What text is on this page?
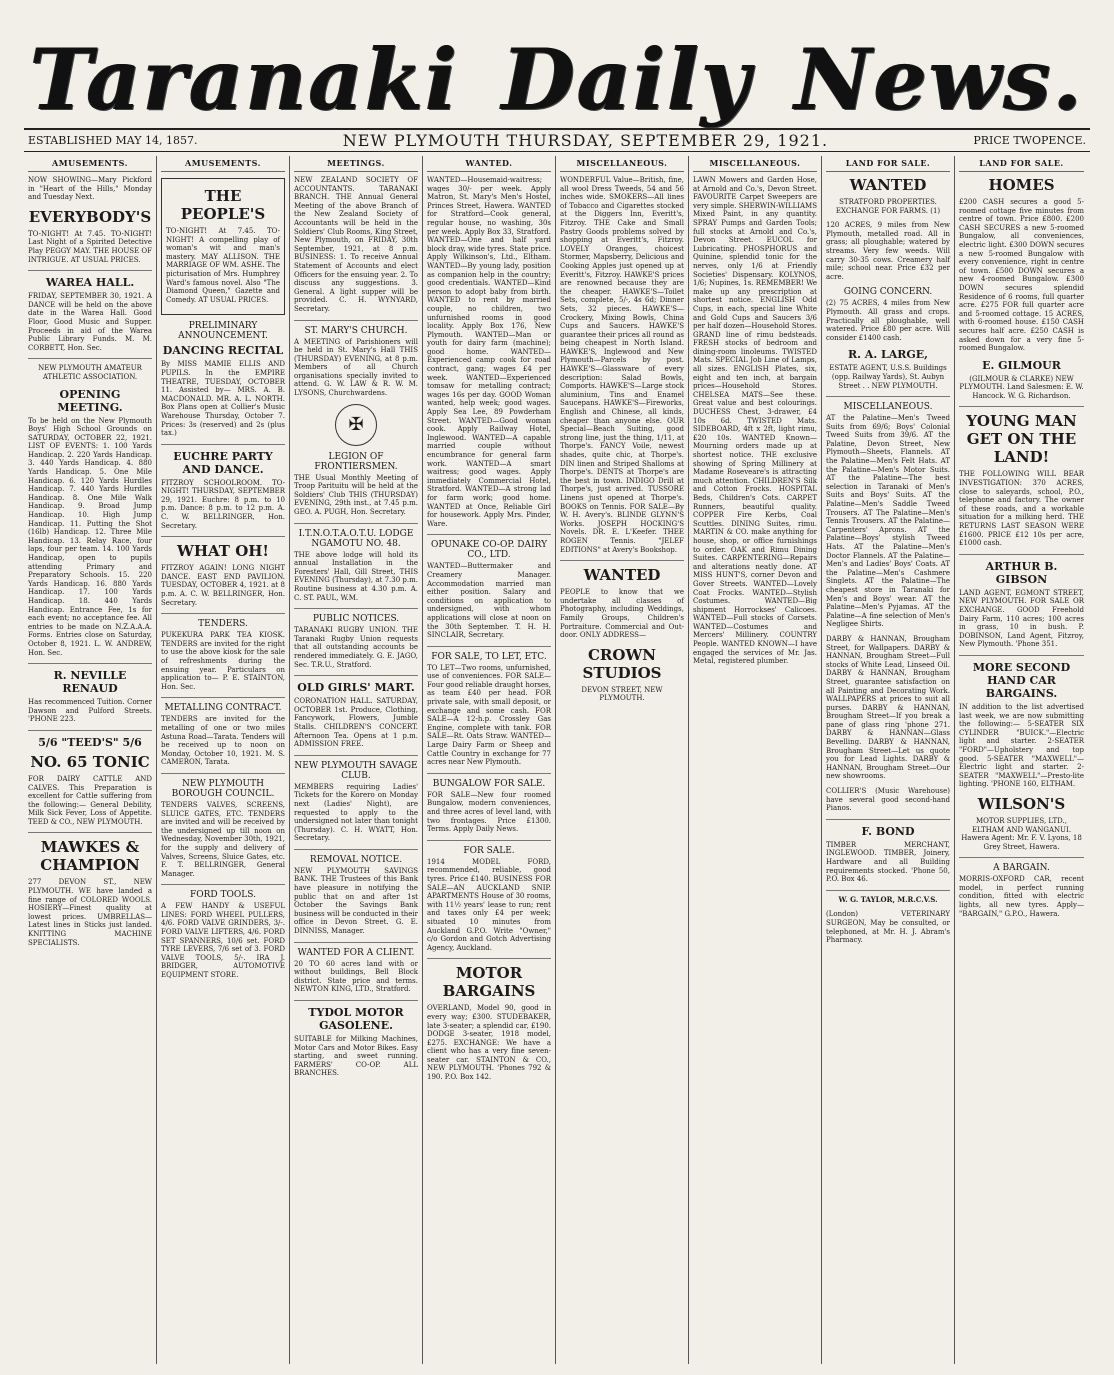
Taranaki Daily News.
ESTABLISHED MAY 14, 1857.	NEW PLYMOUTH THURSDAY, SEPTEMBER 29, 1921.	PRICE TWOPENCE.
AMUSEMENTS.
NOW SHOWING—Mary Pickford in "Heart of the Hills," Monday and Tuesday Next.
EVERYBODY'S
TO-NIGHT! At 7.45. TO-NIGHT! Last Night of a Spirited Detective Play PEGGY MAY. THE HOUSE OF INTRIGUE. AT USUAL PRICES.
WAREA HALL.
FRIDAY, SEPTEMBER 30, 1921. A DANCE will be held on the above date in the Warea Hall. Good Floor, Good Music and Supper. Proceeds in aid of the Warea Public Library Funds. M. M. CORBETT, Hon. Sec.
NEW PLYMOUTH AMATEUR ATHLETIC ASSOCIATION.
OPENING MEETING.
To be held on the New Plymouth Boys' High School Grounds on SATURDAY, OCTOBER 22, 1921. LIST OF EVENTS: 1. 100 Yards Handicap. 2. 220 Yards Handicap. 3. 440 Yards Handicap. 4. 880 Yards Handicap. 5. One Mile Handicap. 6. 120 Yards Hurdles Handicap. 7. 440 Yards Hurdles Handicap. 8. One Mile Walk Handicap. 9. Broad Jump Handicap. 10. High Jump Handicap. 11. Putting the Shot (16lb) Handicap. 12. Three Mile Handicap. 13. Relay Race, four laps, four per team. 14. 100 Yards Handicap, open to pupils attending Primary and Preparatory Schools. 15. 220 Yards Handicap. 16. 880 Yards Handicap. 17. 100 Yards Handicap. 18. 440 Yards Handicap. Entrance Fee, 1s for each event; no acceptance fee. All entries to be made on N.Z.A.A.A. Forms. Entries close on Saturday, October 8, 1921. L. W. ANDREW, Hon. Sec.
R. NEVILLE RENAUD
Has recommenced Tuition. Corner Dawson and Pulford Streets. 'PHONE 223.
5/6 "TEED'S" 5/6
NO. 65 TONIC
FOR DAIRY CATTLE AND CALVES. This Preparation is excellent for Cattle suffering from the following:— General Debility, Milk Sick Fever, Loss of Appetite. TEED & CO., NEW PLYMOUTH.
MAWKES & CHAMPION
277 DEVON ST., NEW PLYMOUTH. WE have landed a fine range of COLORED WOOLS. HOSIERY—Finest quality at lowest prices. UMBRELLAS—Latest lines in Sticks just landed. KNITTING MACHINE SPECIALISTS.
AMUSEMENTS.
THE PEOPLE'S
TO-NIGHT! At 7.45. TO-NIGHT! A compelling play of woman's wit and man's mastery. MAY ALLISON. THE MARRIAGE OF WM. ASHE. The picturisation of Mrs. Humphrey Ward's famous novel. Also "The Diamond Queen," Gazette and Comedy. AT USUAL PRICES.
PRELIMINARY ANNOUNCEMENT.
DANCING RECITAL
By MISS MAMIE ELLIS AND PUPILS. In the EMPIRE THEATRE, TUESDAY, OCTOBER 11. Assisted by— MRS. A. B. MACDONALD. MR. A. L. NORTH. Box Plans open at Collier's Music Warehouse Thursday, October 7. Prices: 3s (reserved) and 2s (plus tax.)
EUCHRE PARTY AND DANCE.
FITZROY SCHOOLROOM. TO-NIGHT! THURSDAY, SEPTEMBER 29, 1921. Euchre: 8 p.m. to 10 p.m. Dance: 8 p.m. to 12 p.m. A. C. W. BELLRINGER, Hon. Secretary.
WHAT OH!
FITZROY AGAIN! LONG NIGHT DANCE. EAST END PAVILION. TUESDAY, OCTOBER 4, 1921. at 8 p.m. A. C. W. BELLRINGER, Hon. Secretary.
TENDERS.
PUKEKURA PARK TEA KIOSK. TENDERS are invited for the right to use the above kiosk for the sale of refreshments during the ensuing year. Particulars on application to— P. E. STAINTON, Hon. Sec.
METALLING CONTRACT.
TENDERS are invited for the metalling of one or two miles Astuna Road—Tarata. Tenders will be received up to noon on Monday, October 10, 1921. M. S. CAMERON, Tarata.
NEW PLYMOUTH BOROUGH COUNCIL.
TENDERS VALVES, SCREENS, SLUICE GATES, ETC. TENDERS are invited and will be received by the undersigned up till noon on Wednesday, November 30th, 1921, for the supply and delivery of Valves, Screens, Sluice Gates, etc. F. T. BELLRINGER, General Manager.
FORD TOOLS.
A FEW HANDY & USEFUL LINES: FORD WHEEL PULLERS, 4/6. FORD VALVE GRINDERS, 3/-. FORD VALVE LIFTERS, 4/6. FORD SET SPANNERS, 10/6 set. FORD TYRE LEVERS, 7/6 set of 3. FORD VALVE TOOLS, 5/-. IRA J. BRIDGER, AUTOMOTIVE EQUIPMENT STORE.
MEETINGS.
NEW ZEALAND SOCIETY OF ACCOUNTANTS. TARANAKI BRANCH. THE Annual General Meeting of the above Branch of the New Zealand Society of Accountants will be held in the Soldiers' Club Rooms, King Street, New Plymouth, on FRIDAY, 30th September, 1921, at 8 p.m. BUSINESS: 1. To receive Annual Statement of Accounts and elect Officers for the ensuing year. 2. To discuss any suggestions. 3. General. A light supper will be provided. C. H. WYNYARD, Secretary.
ST. MARY'S CHURCH.
A MEETING of Parishioners will be held in St. Mary's Hall THIS (THURSDAY) EVENING, at 8 p.m. Members of all Church organisations specially invited to attend. G. W. LAW & R. W. M. LYSONS, Churchwardens.
✠
LEGION OF FRONTIERSMEN.
THE Usual Monthly Meeting of Troop Parituitu will be held at the Soldiers' Club THIS (THURSDAY) EVENING, 29th inst., at 7.45 p.m. GEO. A. PUGH, Hon. Secretary.
I.T.N.O.T.A.O.T.U. LODGE NGAMOTU NO. 48.
THE above lodge will hold its annual Installation in the Foresters' Hall, Gill Street, THIS EVENING (Thursday), at 7.30 p.m. Routine business at 4.30 p.m. A. C. ST. PAUL, W.M.
PUBLIC NOTICES.
TARANAKI RUGBY UNION. THE Taranaki Rugby Union requests that all outstanding accounts be rendered immediately. G. E. JAGO, Sec. T.R.U., Stratford.
OLD GIRLS' MART.
CORONATION HALL. SATURDAY, OCTOBER 1st. Produce, Clothing, Fancywork, Flowers, Jumble Stalls. CHILDREN'S CONCERT. Afternoon Tea. Opens at 1 p.m. ADMISSION FREE.
NEW PLYMOUTH SAVAGE CLUB.
MEMBERS requiring Ladies' Tickets for the Korero on Monday next (Ladies' Night), are requested to apply to the undersigned not later than tonight (Thursday). C. H. WYATT, Hon. Secretary.
REMOVAL NOTICE.
NEW PLYMOUTH SAVINGS BANK. THE Trustees of this Bank have pleasure in notifying the public that on and after 1st October the Savings Bank business will be conducted in their office in Devon Street. G. E. DINNISS, Manager.
WANTED FOR A CLIENT.
20 TO 60 acres land with or without buildings, Bell Block district. State price and terms. NEWTON KING, LTD., Stratford.
TYDOL MOTOR GASOLENE.
SUITABLE for Milking Machines, Motor Cars and Motor Bikes. Easy starting, and sweet running. FARMERS' CO-OP. ALL BRANCHES.
WANTED.
WANTED—Housemaid-waitress; wages 30/- per week. Apply Matron, St. Mary's Men's Hostel, Princes Street, Hawera. WANTED for Stratford—Cook general, regular house, no washing, 30s per week. Apply Box 33, Stratford. WANTED—One and half yard block dray, wide tyres. State price. Apply Wilkinson's, Ltd., Eltham. WANTED—By young lady, position as companion help in the country; good credentials. WANTED—Kind person to adopt baby from birth. WANTED to rent by married couple, no children, two unfurnished rooms in good locality. Apply Box 176, New Plymouth. WANTED—Man or youth for dairy farm (machine); good home. WANTED—Experienced camp cook for road contract, gang; wages £4 per week. WANTED—Experienced tomsaw for metalling contract; wages 16s per day. GOOD Woman wanted, help week; good wages. Apply Sea Lee, 89 Powderham Street. WANTED—Good woman cook. Apply Railway Hotel, Inglewood. WANTED—A capable married couple without encumbrance for general farm work. WANTED—A smart waitress; good wages. Apply immediately Commercial Hotel, Stratford. WANTED—A strong lad for farm work; good home. WANTED at Once, Reliable Girl for housework. Apply Mrs. Pinder, Ware.
OPUNAKE CO-OP. DAIRY CO., LTD.
WANTED—Buttermaker and Creamery Manager. Accommodation married man either position. Salary and conditions on application to undersigned, with whom applications will close at noon on the 30th September. T. H. H. SINCLAIR, Secretary.
FOR SALE, TO LET, ETC.
TO LET—Two rooms, unfurnished, use of conveniences. FOR SALE—Four good reliable draught horses, as team £40 per head. FOR private sale, with small deposit, or exchange and some cash. FOR SALE—A 12-h.p. Crossley Gas Engine, complete with tank. FOR SALE—Rt. Oats Straw. WANTED—Large Dairy Farm or Sheep and Cattle Country in exchange for 77 acres near New Plymouth.
BUNGALOW FOR SALE.
FOR SALE—New four roomed Bungalow, modern conveniences, and three acres of level land, with two frontages. Price £1300. Terms. Apply Daily News.
FOR SALE.
1914 MODEL FORD, recommended, reliable, good tyres. Price £140. BUSINESS FOR SALE—AN AUCKLAND SNIP. APARTMENTS House of 30 rooms, with 11½ years' lease to run; rent and taxes only £4 per week; situated 10 minutes from Auckland G.P.O. Write "Owner," c/o Gordon and Gotch Advertising Agency, Auckland.
MOTOR BARGAINS
OVERLAND, Model 90, good in every way; £300. STUDEBAKER, late 3-seater; a splendid car, £190. DODGE 3-seater, 1918 model, £275. EXCHANGE: We have a client who has a very fine seven-seater car. STAINTON & CO., NEW PLYMOUTH. 'Phones 792 & 190. P.O. Box 142.
MISCELLANEOUS.
WONDERFUL Value—British, fine, all wool Dress Tweeds, 54 and 56 inches wide. SMOKERS—All lines of Tobacco and Cigarettes stocked at the Diggers Inn, Everitt's, Fitzroy. THE Cake and Small Pastry Goods problems solved by shopping at Everitt's, Fitzroy. LOVELY Oranges, choicest Stormer, Mapsberry, Delicious and Cooking Apples just opened up at Everitt's, Fitzroy. HAWKE'S prices are renowned because they are the cheaper. HAWKE'S—Toilet Sets, complete, 5/-, 4s 6d; Dinner Sets, 32 pieces. HAWKE'S—Crockery, Mixing Bowls, China Cups and Saucers. HAWKE'S guarantee their prices all round as being cheapest in North Island. HAWKE'S, Inglewood and New Plymouth—Parcels by post. HAWKE'S—Glassware of every description: Salad Bowls, Comports. HAWKE'S—Large stock aluminium, Tins and Enamel Saucepans. HAWKE'S—Fireworks, English and Chinese, all kinds, cheaper than anyone else. OUR Special—Beach Suiting, good strong line, just the thing, 1/11, at Thorpe's. FANCY Voile, newest shades, quite chic, at Thorpe's. DIN linen and Striped Shalloms at Thorpe's. DENTS at Thorpe's are the best in town. INDIGO Drill at Thorpe's, just arrived. TUSSORE Linens just opened at Thorpe's. BOOKS on Tennis. FOR SALE—By W. H. Avery's. BLINDE GLYNN'S Works. JOSEPH HOCKING'S Novels. DR. E. L'Keefer. THEE ROGEN Tennis. "JELEF EDITIONS" at Avery's Bookshop.
WANTED
PEOPLE to know that we undertake all classes of Photography, including Weddings, Family Groups, Children's Portraiture. Commercial and Out-door. ONLY ADDRESS—
CROWN STUDIOS
DEVON STREET, NEW PLYMOUTH.
MISCELLANEOUS.
LAWN Mowers and Garden Hose, at Arnold and Co.'s, Devon Street. FAVOURITE Carpet Sweepers are very simple. SHERWIN-WILLIAMS Mixed Paint, in any quantity. SPRAY Pumps and Garden Tools; full stocks at Arnold and Co.'s, Devon Street. EUCOL for Lubricating. PHOSPHORUS and Quinine, splendid tonic for the nerves, only 1/6 at Friendly Societies' Dispensary. KOLYNOS, 1/6; Nupines, 1s. REMEMBER! We make up any prescription at shortest notice. ENGLISH Odd Cups, in each, special line White and Gold Cups and Saucers 3/6 per half dozen—Household Stores. GRAND line of rimu bedsteads. FRESH stocks of bedroom and dining-room linoleums. TWISTED Mats. SPECIAL Job Line of Lamps, all sizes. ENGLISH Plates, six, eight and ten inch, at bargain prices—Household Stores. CHELSEA MATS—See these. Great value and best colourings. DUCHESS Chest, 3-drawer, £4 10s 6d. TWISTED Mats. SIDEBOARD, 4ft x 2ft, light rimu, £20 10s. WANTED Known—Mourning orders made up at shortest notice. THE exclusive showing of Spring Millinery at Madame Roseveare's is attracting much attention. CHILDREN'S Silk and Cotton Frocks. HOSPITAL Beds, Children's Cots. CARPET Runners, beautiful quality. COPPER Fire Kerbs, Coal Scuttles. DINING Suites, rimu. MARTIN & CO. make anything for house, shop, or office furnishings to order. OAK and Rimu Dining Suites. CARPENTERING—Repairs and alterations neatly done. AT MISS HUNT'S, corner Devon and Gover Streets. WANTED—Lovely Coat Frocks. WANTED—Stylish Costumes. WANTED—Big shipment Horrockses' Calicoes. WANTED—Full stocks of Corsets. WANTED—Costumes and Mercers' Millinery. COUNTRY People. WANTED KNOWN—I have engaged the services of Mr. Jas. Metal, registered plumber.
LAND FOR SALE.
WANTED
STRATFORD PROPERTIES. EXCHANGE FOR FARMS. (1)
120 ACRES, 9 miles from New Plymouth, metalled road. All in grass; all ploughable; watered by streams. Very few weeds. Will carry 30-35 cows. Creamery half mile; school near. Price £32 per acre.
GOING CONCERN.
(2) 75 ACRES, 4 miles from New Plymouth. All grass and crops. Practically all ploughable, well watered. Price £80 per acre. Will consider £1400 cash.
R. A. LARGE,
ESTATE AGENT, U.S.S. Buildings (opp. Railway Yards), St. Aubyn Street . . NEW PLYMOUTH.
MISCELLANEOUS.
AT the Palatine—Men's Tweed Suits from 69/6; Boys' Colonial Tweed Suits from 39/6. AT the Palatine, Devon Street, New Plymouth—Sheets, Flannels. AT the Palatine—Men's Felt Hats. AT the Palatine—Men's Motor Suits. AT the Palatine—The best selection in Taranaki of Men's Suits and Boys' Suits. AT the Palatine—Men's Saddle Tweed Trousers. AT The Palatine—Men's Tennis Trousers. AT the Palatine—Carpenters' Aprons. AT the Palatine—Boys' stylish Tweed Hats. AT the Palatine—Men's Doctor Flannels. AT the Palatine—Men's and Ladies' Boys' Coats. AT the Palatine—Men's Cashmere Singlets. AT the Palatine—The cheapest store in Taranaki for Men's and Boys' wear. AT the Palatine—Men's Pyjamas. AT the Palatine—A fine selection of Men's Negligee Shirts.
DARBY & HANNAN, Brougham Street, for Wallpapers. DARBY & HANNAN, Brougham Street—Full stocks of White Lead, Linseed Oil. DARBY & HANNAN, Brougham Street, guarantee satisfaction on all Painting and Decorating Work. WALLPAPERS at prices to suit all purses. DARBY & HANNAN, Brougham Street—If you break a pane of glass ring 'phone 271. DARBY & HANNAN—Glass Bevelling. DARBY & HANNAN, Brougham Street—Let us quote you for Lead Lights. DARBY & HANNAN, Brougham Street—Our new showrooms.
COLLIER'S (Music Warehouse) have several good second-hand Pianos.
F. BOND
TIMBER MERCHANT, INGLEWOOD. TIMBER, Joinery, Hardware and all Building requirements stocked. 'Phone 50, P.O. Box 46.
W. G. TAYLOR, M.R.C.V.S.
(London) VETERINARY SURGEON, May be consulted, or telephoned, at Mr. H. J. Abram's Pharmacy.
LAND FOR SALE.
HOMES
£200 CASH secures a good 5-roomed cottage five minutes from centre of town. Price £800. £200 CASH SECURES a new 5-roomed Bungalow, all conveniences, electric light. £300 DOWN secures a new 5-roomed Bungalow with every convenience, right in centre of town. £500 DOWN secures a new 4-roomed Bungalow. £300 DOWN secures splendid Residence of 6 rooms, full quarter acre. £275 FOR full quarter acre and 5-roomed cottage. 15 ACRES, with 6-roomed house. £150 CASH secures half acre. £250 CASH is asked down for a very fine 5-roomed Bungalow.
E. GILMOUR
(GILMOUR & CLARKE) NEW PLYMOUTH. Land Salesmen: E. W. Hancock. W. G. Richardson.
YOUNG MAN GET ON THE LAND!
THE FOLLOWING WILL BEAR INVESTIGATION: 370 ACRES, close to saleyards, school, P.O., telephone and factory. The owner of these roads, and a workable situation for a milking herd. THE RETURNS LAST SEASON WERE £1600. PRICE £12 10s per acre, £1000 cash.
ARTHUR B. GIBSON
LAND AGENT, EGMONT STREET, NEW PLYMOUTH. FOR SALE OR EXCHANGE. GOOD Freehold Dairy Farm, 110 acres; 100 acres in grass, 10 in bush. P. DOBINSON, Land Agent, Fitzroy, New Plymouth. 'Phone 351.
MORE SECOND HAND CAR BARGAINS.
IN addition to the list advertised last week, we are now submitting the following:— 5-SEATER SIX CYLINDER "BUICK."—Electric light and starter. 2-SEATER "FORD"—Upholstery and top good. 5-SEATER "MAXWELL"—Electric light and starter. 2-SEATER "MAXWELL"—Presto-lite lighting. 'PHONE 160, ELTHAM.
WILSON'S
MOTOR SUPPLIES, LTD., ELTHAM AND WANGANUI. Hawera Agent: Mr. F. V. Lyons, 18 Grey Street, Hawera.
A BARGAIN.
MORRIS-OXFORD CAR, recent model, in perfect running condition, fitted with electric lights, all new tyres. Apply— "BARGAIN," G.P.O., Hawera.
